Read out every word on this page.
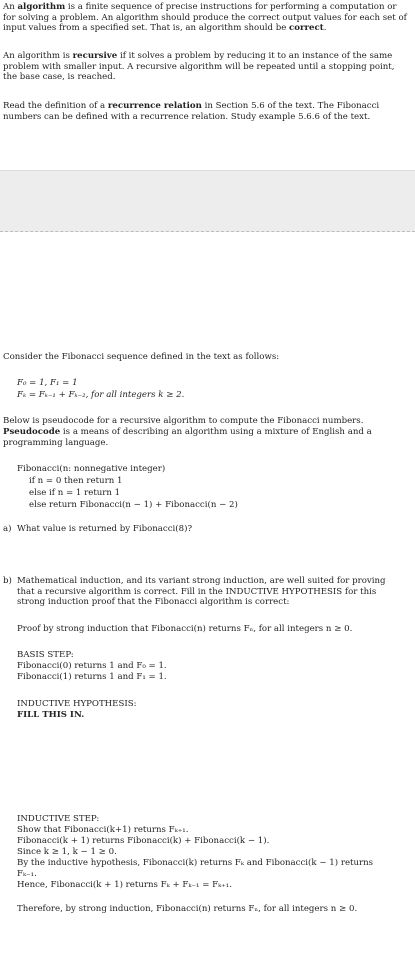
An algorithm is a finite sequence of precise instructions for performing a computation or for solving a problem. An algorithm should produce the correct output values for each set of input values from a specified set. That is, an algorithm should be correct.

An algorithm is recursive if it solves a problem by reducing it to an instance of the same problem with smaller input. A recursive algorithm will be repeated until a stopping point, the base case, is reached.

Read the definition of a recurrence relation in Section 5.6 of the text. The Fibonacci numbers can be defined with a recurrence relation. Study example 5.6.6 of the text.

Consider the Fibonacci sequence defined in the text as follows:

F₀ = 1, F₁ = 1
Fₖ = Fₖ₋₁ + Fₖ₋₂, for all integers k ≥ 2.

Below is pseudocode for a recursive algorithm to compute the Fibonacci numbers.

Pseudocode is a means of describing an algorithm using a mixture of English and a programming language.

Fibonacci(n: nonnegative integer)
if n = 0 then return 1
else if n = 1 return 1
else return Fibonacci(n − 1) + Fibonacci(n − 2)
a) What value is returned by Fibonacci(8)?
b) Mathematical induction, and its variant strong induction, are well suited for proving that a recursive algorithm is correct. Fill in the INDUCTIVE HYPOTHESIS for this strong induction proof that the Fibonacci algorithm is correct:
Proof by strong induction that Fibonacci(n) returns Fₙ, for all integers n ≥ 0.
BASIS STEP:
Fibonacci(0) returns 1 and F₀ = 1.
Fibonacci(1) returns 1 and F₁ = 1.
INDUCTIVE HYPOTHESIS:
FILL THIS IN.
INDUCTIVE STEP:
Show that Fibonacci(k+1) returns Fₖ₊₁.
Fibonacci(k + 1) returns Fibonacci(k) + Fibonacci(k − 1).
Since k ≥ 1, k − 1 ≥ 0.
By the inductive hypothesis, Fibonacci(k) returns Fₖ and Fibonacci(k − 1) returns
Fₖ₋₁.
Hence, Fibonacci(k + 1) returns Fₖ + Fₖ₋₁ = Fₖ₊₁.
Therefore, by strong induction, Fibonacci(n) returns Fₙ, for all integers n ≥ 0.
